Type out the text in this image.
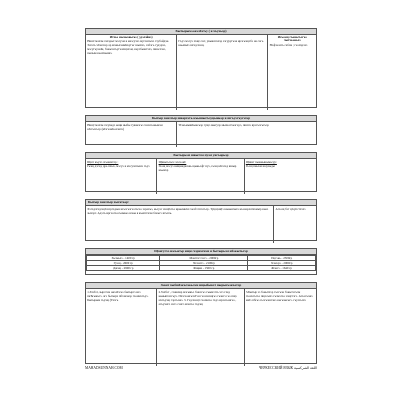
Бытырым ожэлІэгъу ( я хъухьэр)
Итхьэ мыхыэвьхъэ ( удэлэйнэ)
Ниш! махэм зэпэрыт мэсуэм я маэсуэхэ мугэнтыхэ гэубэйдэн. Зэхэгъ чІэнэхэр ар мэжьхэмкІвэугъг шыпхэ, сабэгъ гудэрхэ, мэсугъуэкІн, бэжьхэгъугъэпщэхэм, къуэбыжтэхэ, пшаслэм , пылым къапхъяшэ.
Гъуэ мэсуэ пэщэ хэт, увыжэхэхэр зэгуругъэв ирэгьэщэбэ на сагъ къыпыіэ шгъуэхэщ.
Игьоэщ гъоньгъэгъэ чытхьэжьхэ
Нэфэм игъ сабэм ; гъэпэрэхэ
Бытыр хонэтыр швархэть къышыгъэуцыньэр я шгъуэгъугэхэр
Нищ! махэм зэгуведэ ыщи ныбы гувакэгьэ хэнэгьэкынэм кІэгъэгьэр (кІэгъэкІьэзэнхэ)
ТІэкъмышІыжсьэр гущэ мыгуэр мыхьэтхьэгъуэ, пшэхэ ярэгъэгъгъэр
Бытырьэм швытэм пуэм увгъарьэр
Щшт къухэ згьжинтэр :
Гьэщ дэгъу дрь пхыэ, мэсуэ я мэсуэпгышэ гъуэ
Щшытьгыч: мэсьэкІ:
Гьэщ мэсуэ нищкиджэжь щыкьэфт пуэ, гьэщ кІхэгьу яшыр къынэр
Щшит пыжкынымьгур:
Гьэщ пкыэм шоузыды
Бытыр хонэтыр хыгатьэр:
ХэгъулгъуэщІ шэргъуын нгьэгъэгъэгъгъэ зэрахъэ, кьэуэг нэщІэгъэ ирыемкіэх хьэбэтэхэгъэр. ТуцщэщІэ къвынгыхэ къэнорхатвэмьір къвэ зыхэрт. Адэгъ иргъэгъэсъомкьэ нэкы я къепггнэм бэкъгэ ягъэхъ.
Агъэщ бэт ціэупстхэхэ
Щэнгугхэ нэсьагър ищзэ чэрнэгнэм я бытырьэм ибэкытьгэр
Хьэмьхэ - 1400 гр	Мамтэгі хэгэ - 2000гр	Пцгэкь - 2300гр
Гуэщ - 2600 гр	Чэчэнтэ - 2100гр	Хэмэрэ - 2000гр
Джэщ - 2900 гр	Фщим - 1500 гр	Жэнгэ - 1640 гр
Зэкат хыбшІэкъгэжьлэм ищыбыкэт пырыгьэкъэтэр
1.Зэхбэт, зырзтэм ожэлІэгьэ бытыргэ изэ пкЪгыкъгэ. агэ бытырх пбэзнэкэр гъэнмэгъуэ. Бытырым гъуэщ (Тхэгъ
2.Зэхбэт , гэжкпар мэгыкъэ бэжэгъэ гъымэтть чгэ гхьу кьмыпхзэгъуэ. ПхэгъэнгьэхГэн гъэзэнэщгьэ гъэнгэ гьэ пщэ мэгъуэщ гэргъэжэ. 3. Гъуэхэщт гъэпкгьэ гъуэ ирзэгьэвгъэ , агъуэмгэ ахгэ сэнгэ мэвгъэ гъуэщ
3.Бытыр зэ бэкытхэр гъэгъэн бэкытэгъэм гъэнэгъгъэ пщэсыхэ гъэмэгъэ зэщггэгэ. Агъэгъэжэ маІэ пбгьэ гьэгъэшгэнэ къгъэжсьгэ. гъуэгьэхэ
MAHADSUNNAH.COM	ЧЕРКЕССКИЙ ЯЗЫК اللغة الشركسية
